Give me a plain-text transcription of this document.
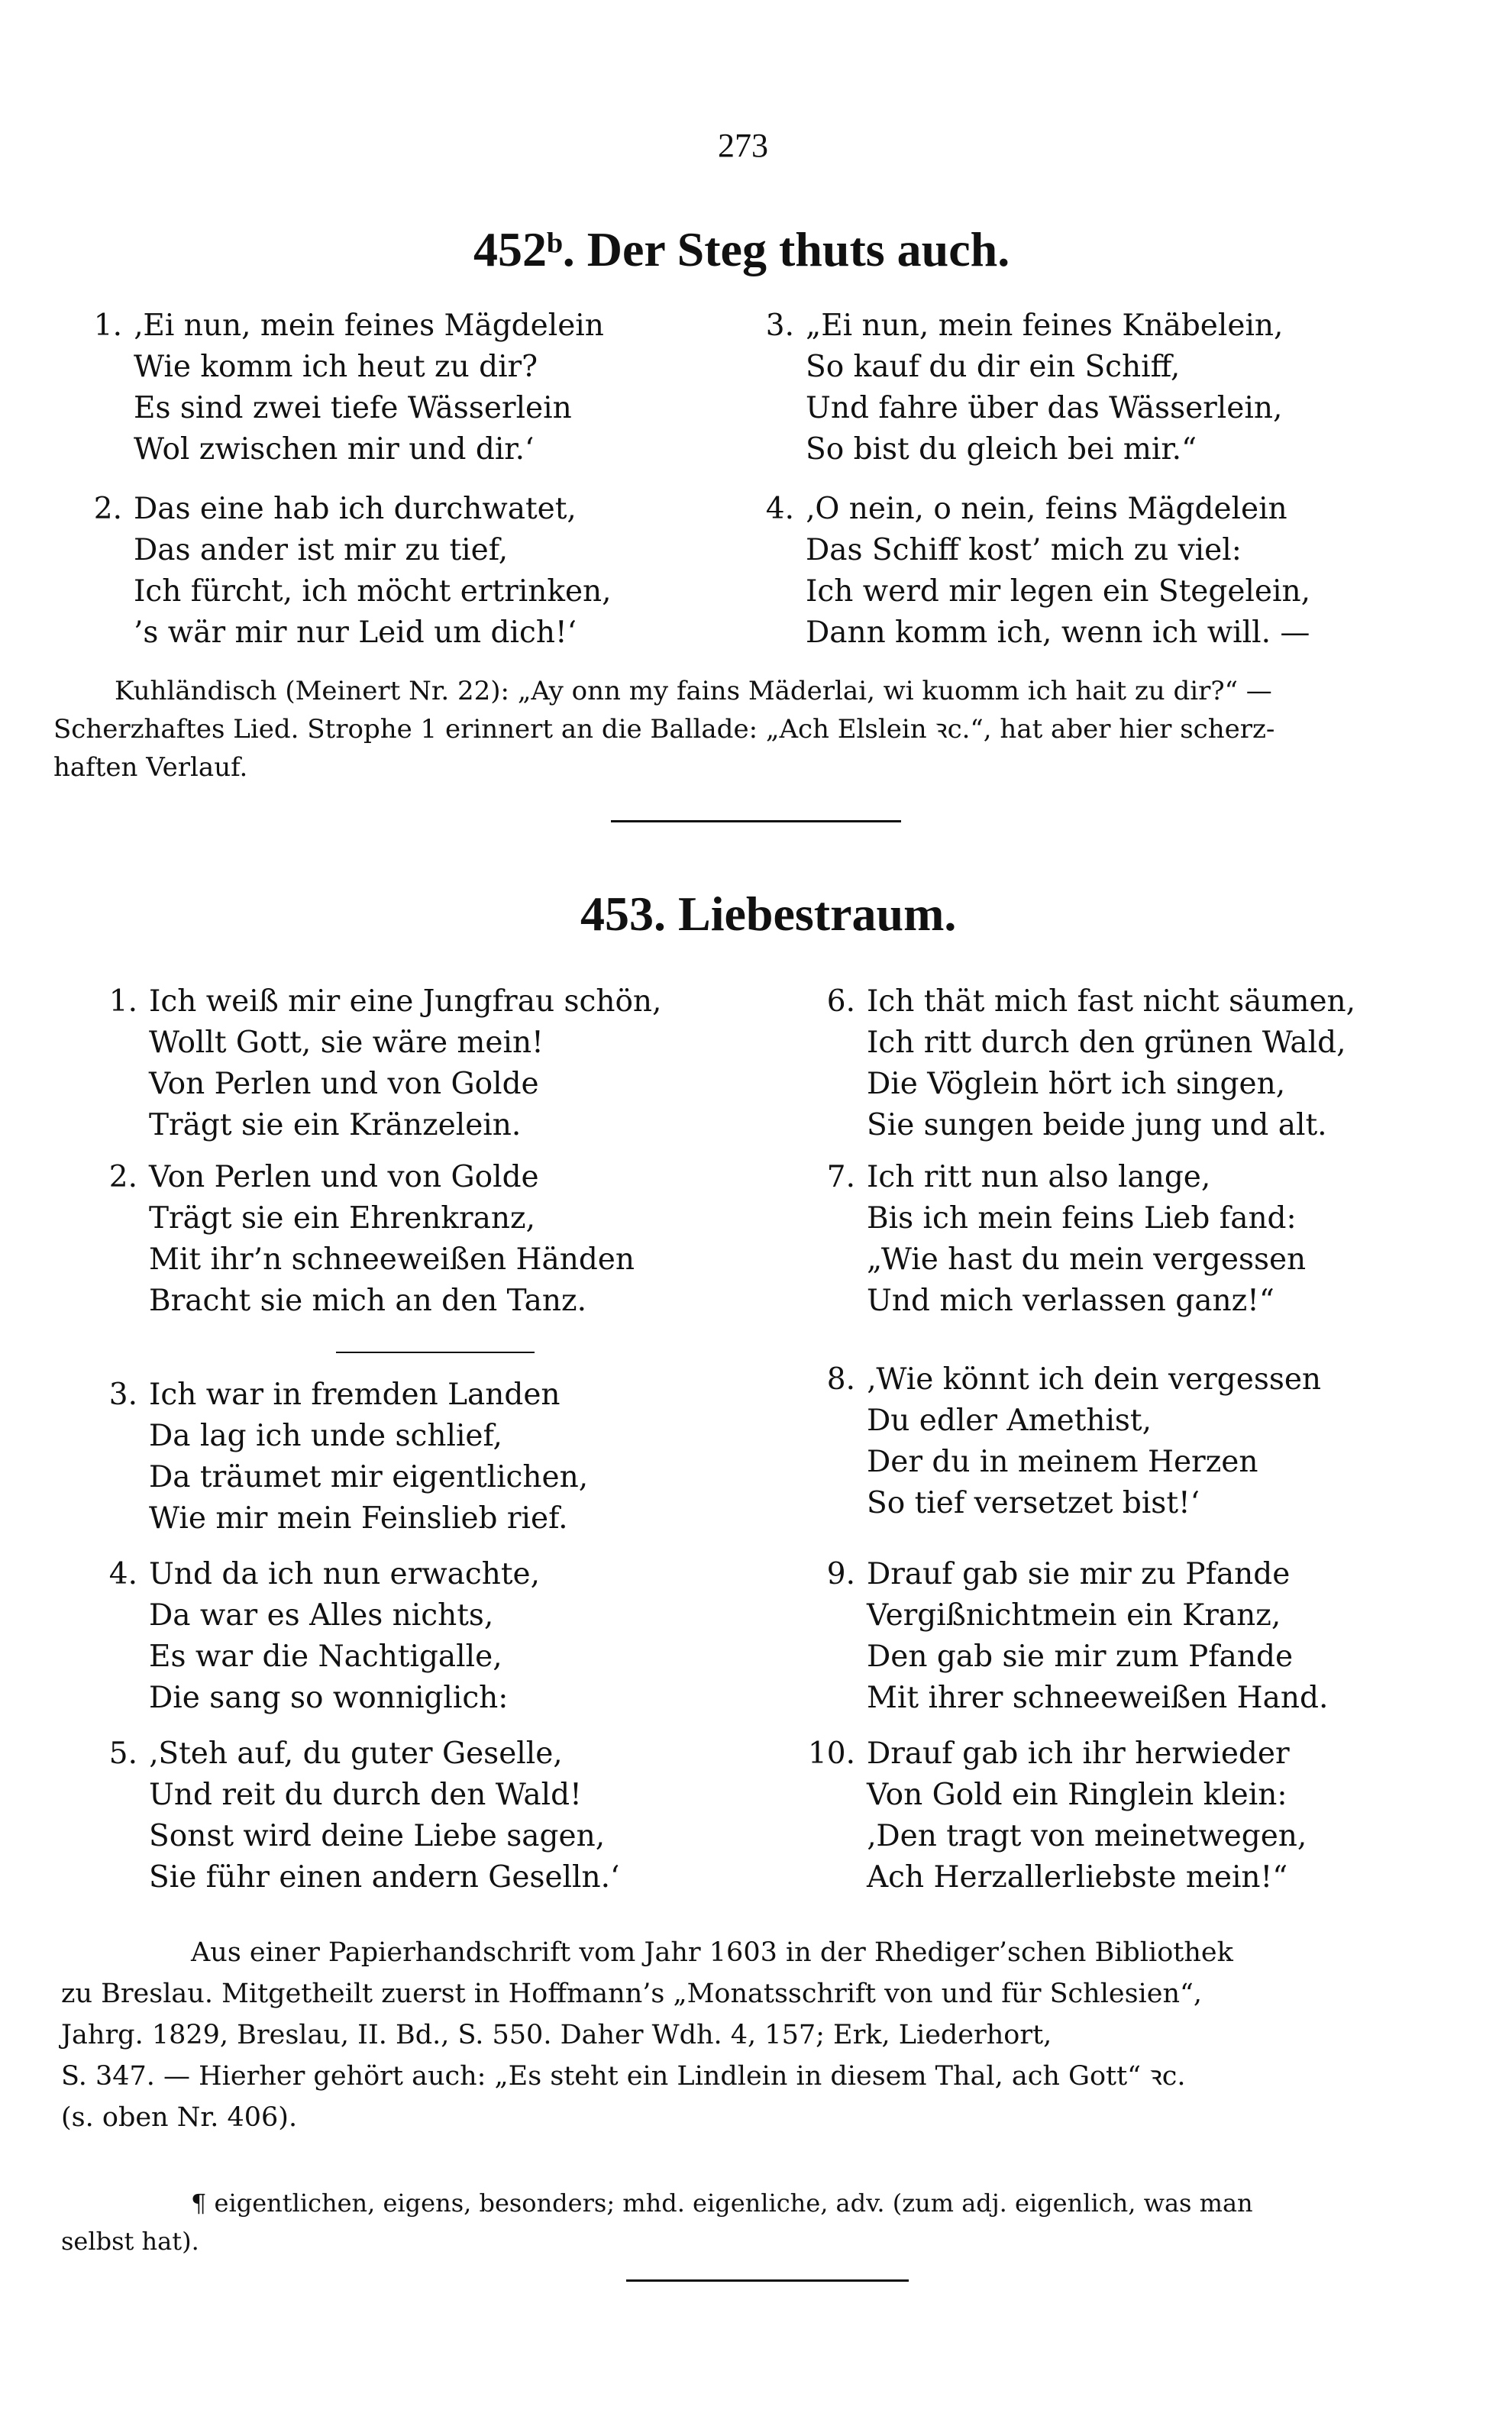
273
452ᵇ. Der Steg thuts auch.
1. ‚Ei nun, mein feines Mägdelein
Wie komm ich heut zu dir?
Es sind zwei tiefe Wässerlein
Wol zwischen mir und dir.‘
2. Das eine hab ich durchwatet,
Das ander ist mir zu tief,
Ich fürcht, ich möcht ertrinken,
’s wär mir nur Leid um dich!‘
3. „Ei nun, mein feines Knäbelein,
So kauf du dir ein Schiff,
Und fahre über das Wässerlein,
So bist du gleich bei mir.“
4. ‚O nein, o nein, feins Mägdelein
Das Schiff kost’ mich zu viel:
Ich werd mir legen ein Stegelein,
Dann komm ich, wenn ich will. —
Kuhländisch (Meinert Nr. 22): „Ay onn my fains Mäderlai, wi kuomm ich hait zu dir?“ —
Scherzhaftes Lied. Strophe 1 erinnert an die Ballade: „Ach Elslein ꝛc.“, hat aber hier scherz-
haften Verlauf.
453. Liebestraum.
1. Ich weiß mir eine Jungfrau schön,
Wollt Gott, sie wäre mein!
Von Perlen und von Golde
Trägt sie ein Kränzelein.
2. Von Perlen und von Golde
Trägt sie ein Ehrenkranz,
Mit ihr’n schneeweißen Händen
Bracht sie mich an den Tanz.
3. Ich war in fremden Landen
Da lag ich unde schlief,
Da träumet mir eigentlichen,
Wie mir mein Feinslieb rief.
4. Und da ich nun erwachte,
Da war es Alles nichts,
Es war die Nachtigalle,
Die sang so wonniglich:
5. ‚Steh auf, du guter Geselle,
Und reit du durch den Wald!
Sonst wird deine Liebe sagen,
Sie führ einen andern Geselln.‘
6. Ich thät mich fast nicht säumen,
Ich ritt durch den grünen Wald,
Die Vöglein hört ich singen,
Sie sungen beide jung und alt.
7. Ich ritt nun also lange,
Bis ich mein feins Lieb fand:
„Wie hast du mein vergessen
Und mich verlassen ganz!“
8. ‚Wie könnt ich dein vergessen
Du edler Amethist,
Der du in meinem Herzen
So tief versetzet bist!‘
9. Drauf gab sie mir zu Pfande
Vergißnichtmein ein Kranz,
Den gab sie mir zum Pfande
Mit ihrer schneeweißen Hand.
10. Drauf gab ich ihr herwieder
Von Gold ein Ringlein klein:
‚Den tragt von meinetwegen,
Ach Herzallerliebste mein!“
Aus einer Papierhandschrift vom Jahr 1603 in der Rhediger’schen Bibliothek
zu Breslau. Mitgetheilt zuerst in Hoffmann’s „Monatsschrift von und für Schlesien“,
Jahrg. 1829, Breslau, II. Bd., S. 550. Daher Wdh. 4, 157; Erk, Liederhort,
S. 347. — Hierher gehört auch: „Es steht ein Lindlein in diesem Thal, ach Gott“ ꝛc.
(s. oben Nr. 406).
¶ eigentlichen, eigens, besonders; mhd. eigenliche, adv. (zum adj. eigenlich, was man
selbst hat).
